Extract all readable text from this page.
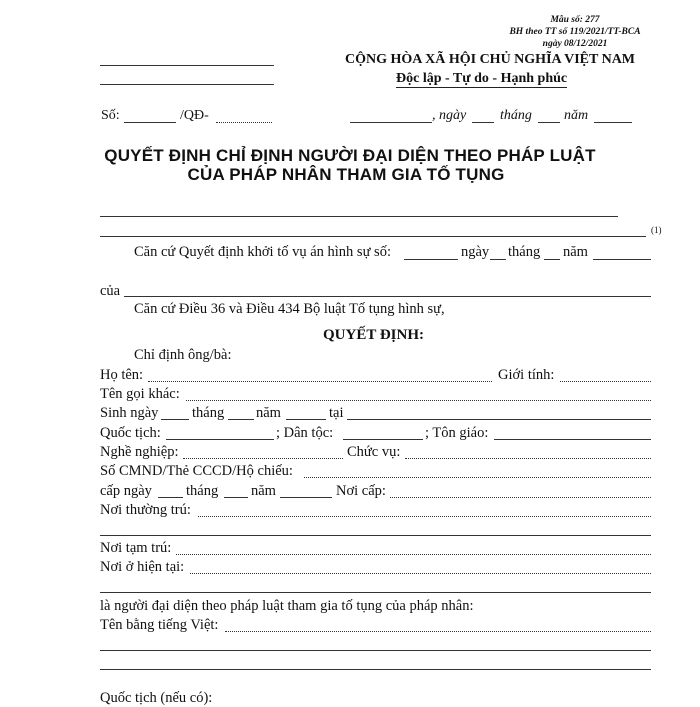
Mẫu số: 277
BH theo TT số 119/2021/TT-BCA
ngày 08/12/2021
CỘNG HÒA XÃ HỘI CHỦ NGHĨA VIỆT NAM
Độc lập - Tự do - Hạnh phúc
Số:	/QĐ-	, ngày tháng năm
QUYẾT ĐỊNH CHỈ ĐỊNH NGƯỜI ĐẠI DIỆN THEO PHÁP LUẬT
CỦA PHÁP NHÂN THAM GIA TỐ TỤNG
(1)
Căn cứ Quyết định khởi tố vụ án hình sự số:	ngày tháng năm
của
Căn cứ Điều 36 và Điều 434 Bộ luật Tố tụng hình sự,
QUYẾT ĐỊNH:
Chỉ định ông/bà:
Họ tên:	Giới tính:
Tên gọi khác:
Sinh ngày tháng năm	tại
Quốc tịch:	; Dân tộc:	; Tôn giáo:
Nghề nghiệp:	Chức vụ:
Số CMND/Thẻ CCCD/Hộ chiếu:
cấp ngày tháng năm	Nơi cấp:
Nơi thường trú:
Nơi tạm trú:
Nơi ở hiện tại:
là người đại diện theo pháp luật tham gia tố tụng của pháp nhân:
Tên bằng tiếng Việt:
Quốc tịch (nếu có):
